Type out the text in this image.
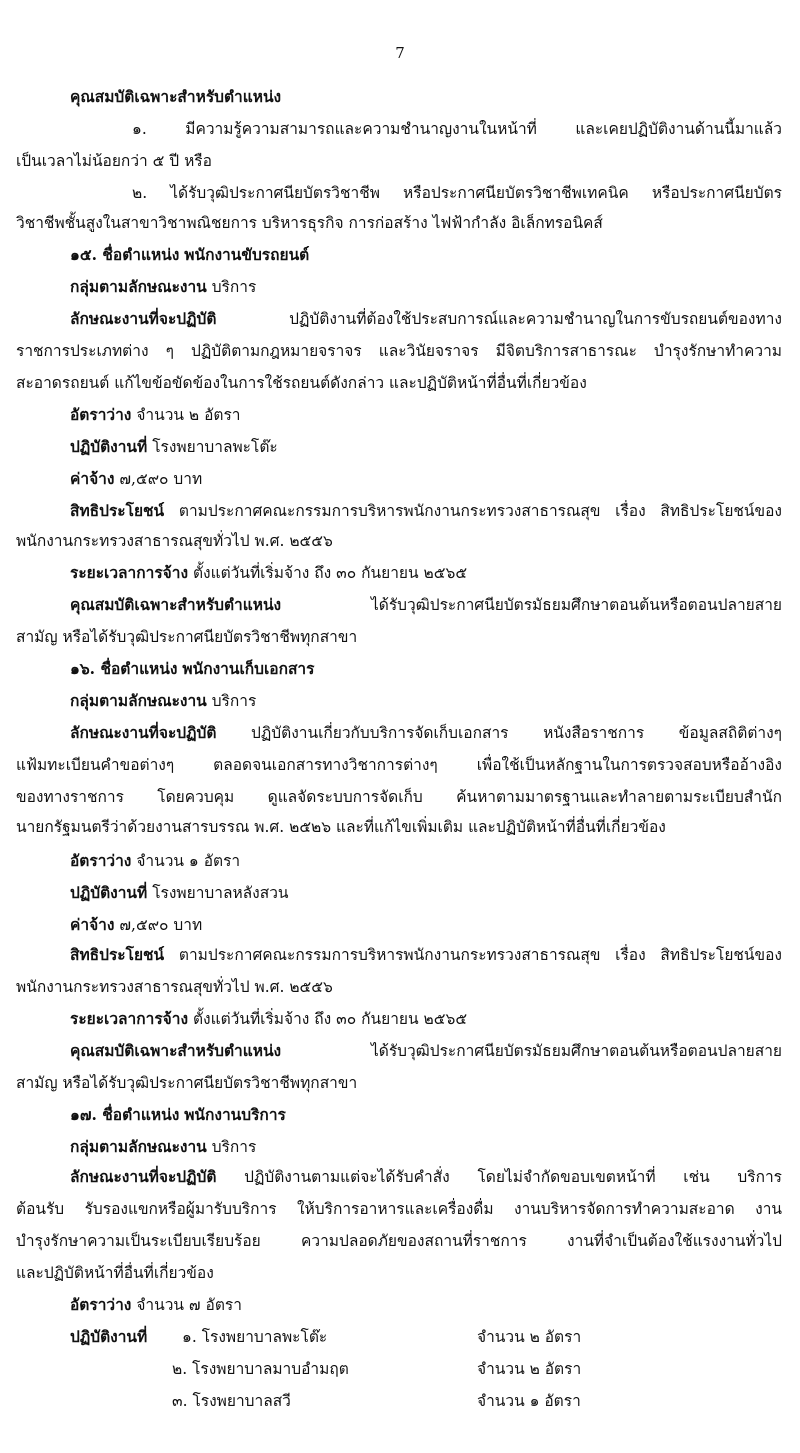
7
คุณสมบัติเฉพาะสำหรับตำแหน่ง
๑. มีความรู้ความสามารถและความชำนาญงานในหน้าที่ และเคยปฏิบัติงานด้านนี้มาแล้ว
เป็นเวลาไม่น้อยกว่า ๕ ปี หรือ
๒. ได้รับวุฒิประกาศนียบัตรวิชาชีพ หรือประกาศนียบัตรวิชาชีพเทคนิค หรือประกาศนียบัตร
วิชาชีพชั้นสูงในสาขาวิชาพณิชยการ บริหารธุรกิจ การก่อสร้าง ไฟฟ้ากำลัง อิเล็กทรอนิคส์
๑๕. ชื่อตำแหน่ง พนักงานขับรถยนต์
กลุ่มตามลักษณะงาน บริการ
ลักษณะงานที่จะปฏิบัติ	ปฏิบัติงานที่ต้องใช้ประสบการณ์และความชำนาญในการขับรถยนต์ของทาง
ราชการประเภทต่าง ๆ ปฏิบัติตามกฎหมายจราจร และวินัยจราจร มีจิตบริการสาธารณะ บำรุงรักษาทำความ
สะอาดรถยนต์ แก้ไขข้อขัดข้องในการใช้รถยนต์ดังกล่าว และปฏิบัติหน้าที่อื่นที่เกี่ยวข้อง
อัตราว่าง จำนวน ๒ อัตรา
ปฏิบัติงานที่ โรงพยาบาลพะโต๊ะ
ค่าจ้าง ๗,๕๙๐ บาท
สิทธิประโยชน์ ตามประกาศคณะกรรมการบริหารพนักงานกระทรวงสาธารณสุข เรื่อง สิทธิประโยชน์ของ
พนักงานกระทรวงสาธารณสุขทั่วไป พ.ศ. ๒๕๕๖
ระยะเวลาการจ้าง ตั้งแต่วันที่เริ่มจ้าง ถึง ๓๐ กันยายน ๒๕๖๕
คุณสมบัติเฉพาะสำหรับตำแหน่ง	ได้รับวุฒิประกาศนียบัตรมัธยมศึกษาตอนต้นหรือตอนปลายสาย
สามัญ หรือได้รับวุฒิประกาศนียบัตรวิชาชีพทุกสาขา
๑๖. ชื่อตำแหน่ง พนักงานเก็บเอกสาร
กลุ่มตามลักษณะงาน บริการ
ลักษณะงานที่จะปฏิบัติ ปฏิบัติงานเกี่ยวกับบริการจัดเก็บเอกสาร หนังสือราชการ ข้อมูลสถิติต่างๆ
แฟ้มทะเบียนคำขอต่างๆ ตลอดจนเอกสารทางวิชาการต่างๆ เพื่อใช้เป็นหลักฐานในการตรวจสอบหรืออ้างอิง
ของทางราชการ โดยควบคุม ดูแลจัดระบบการจัดเก็บ ค้นหาตามมาตรฐานและทำลายตามระเบียบสำนัก
นายกรัฐมนตรีว่าด้วยงานสารบรรณ พ.ศ. ๒๕๒๖ และที่แก้ไขเพิ่มเติม และปฏิบัติหน้าที่อื่นที่เกี่ยวข้อง
อัตราว่าง จำนวน ๑ อัตรา
ปฏิบัติงานที่ โรงพยาบาลหลังสวน
ค่าจ้าง ๗,๕๙๐ บาท
สิทธิประโยชน์ ตามประกาศคณะกรรมการบริหารพนักงานกระทรวงสาธารณสุข เรื่อง สิทธิประโยชน์ของ
พนักงานกระทรวงสาธารณสุขทั่วไป พ.ศ. ๒๕๕๖
ระยะเวลาการจ้าง ตั้งแต่วันที่เริ่มจ้าง ถึง ๓๐ กันยายน ๒๕๖๕
คุณสมบัติเฉพาะสำหรับตำแหน่ง	ได้รับวุฒิประกาศนียบัตรมัธยมศึกษาตอนต้นหรือตอนปลายสาย
สามัญ หรือได้รับวุฒิประกาศนียบัตรวิชาชีพทุกสาขา
๑๗. ชื่อตำแหน่ง พนักงานบริการ
กลุ่มตามลักษณะงาน บริการ
ลักษณะงานที่จะปฏิบัติ ปฏิบัติงานตามแต่จะได้รับคำสั่ง โดยไม่จำกัดขอบเขตหน้าที่ เช่น บริการ
ต้อนรับ รับรองแขกหรือผู้มารับบริการ ให้บริการอาหารและเครื่องดื่ม งานบริหารจัดการทำความสะอาด งาน
บำรุงรักษาความเป็นระเบียบเรียบร้อย ความปลอดภัยของสถานที่ราชการ งานที่จำเป็นต้องใช้แรงงานทั่วไป
และปฏิบัติหน้าที่อื่นที่เกี่ยวข้อง
อัตราว่าง จำนวน ๗ อัตรา
ปฏิบัติงานที่ ๑. โรงพยาบาลพะโต๊ะ	จำนวน ๒ อัตรา
๒. โรงพยาบาลมาบอำมฤต	จำนวน ๒ อัตรา
๓. โรงพยาบาลสวี	จำนวน ๑ อัตรา
